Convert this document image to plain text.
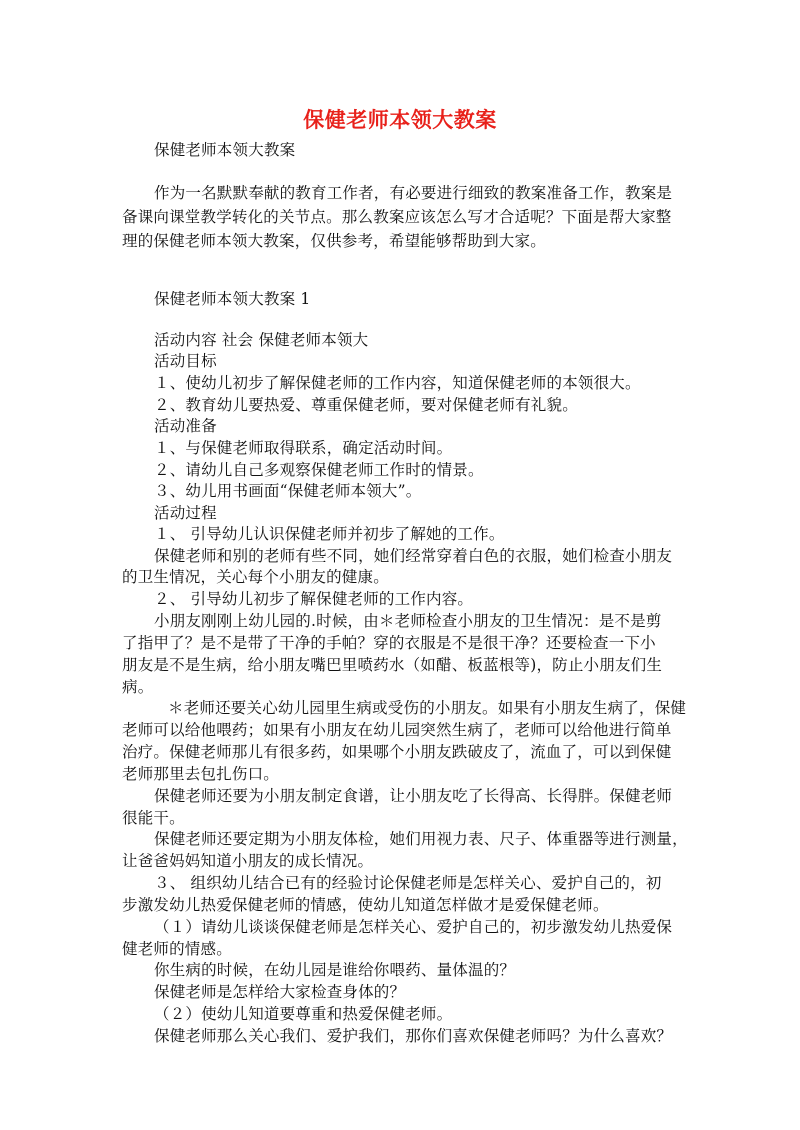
保健老师本领大教案
保健老师本领大教案
作为一名默默奉献的教育工作者，有必要进行细致的教案准备工作，教案是
备课向课堂教学转化的关节点。那么教案应该怎么写才合适呢？下面是帮大家整
理的保健老师本领大教案，仅供参考，希望能够帮助到大家。
保健老师本领大教案 1
活动内容 社会 保健老师本领大
活动目标
１、使幼儿初步了解保健老师的工作内容，知道保健老师的本领很大。
２、教育幼儿要热爱、尊重保健老师，要对保健老师有礼貌。
活动准备
１、与保健老师取得联系，确定活动时间。
２、请幼儿自己多观察保健老师工作时的情景。
３、幼儿用书画面“保健老师本领大”。
活动过程
１、 引导幼儿认识保健老师并初步了解她的工作。
保健老师和别的老师有些不同，她们经常穿着白色的衣服，她们检查小朋友
的卫生情况，关心每个小朋友的健康。
２、 引导幼儿初步了解保健老师的工作内容。
小朋友刚刚上幼儿园的.时候，由＊老师检查小朋友的卫生情况：是不是剪
了指甲了？是不是带了干净的手帕？穿的衣服是不是很干净？还要检查一下小
朋友是不是生病，给小朋友嘴巴里喷药水（如醋、板蓝根等)，防止小朋友们生
病。
＊老师还要关心幼儿园里生病或受伤的小朋友。如果有小朋友生病了，保健
老师可以给他喂药；如果有小朋友在幼儿园突然生病了，老师可以给他进行简单
治疗。保健老师那儿有很多药，如果哪个小朋友跌破皮了，流血了，可以到保健
老师那里去包扎伤口。
保健老师还要为小朋友制定食谱，让小朋友吃了长得高、长得胖。保健老师
很能干。
保健老师还要定期为小朋友体检，她们用视力表、尺子、体重器等进行测量，
让爸爸妈妈知道小朋友的成长情况。
３、 组织幼儿结合已有的经验讨论保健老师是怎样关心、爱护自己的，初
步激发幼儿热爱保健老师的情感，使幼儿知道怎样做才是爱保健老师。
（１）请幼儿谈谈保健老师是怎样关心、爱护自己的，初步激发幼儿热爱保
健老师的情感。
你生病的时候，在幼儿园是谁给你喂药、量体温的？
保健老师是怎样给大家检查身体的？
（２）使幼儿知道要尊重和热爱保健老师。
保健老师那么关心我们、爱护我们，那你们喜欢保健老师吗？为什么喜欢？
